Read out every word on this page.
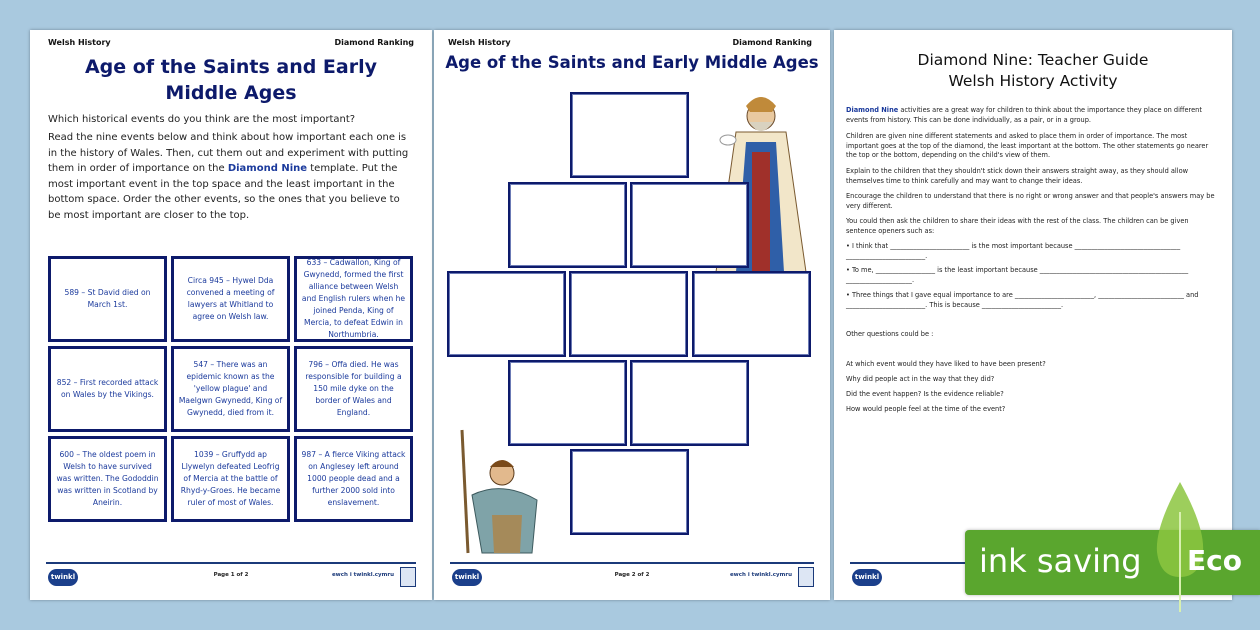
Welsh History	Diamond Ranking
Age of the Saints and Early
Middle Ages
Which historical events do you think are the most important?
Read the nine events below and think about how important each one is in the history of Wales. Then, cut them out and experiment with putting them in order of importance on the Diamond Nine template. Put the most important event in the top space and the least important in the bottom space. Order the other events, so the ones that you believe to be most important are closer to the top.
589 – St David died on March 1st.
Circa 945 – Hywel Dda convened a meeting of lawyers at Whitland to agree on Welsh law.
633 – Cadwallon, King of Gwynedd, formed the first alliance between Welsh and English rulers when he joined Penda, King of Mercia, to defeat Edwin in Northumbria.
852 – First recorded attack on Wales by the Vikings.
547 – There was an epidemic known as the 'yellow plague' and Maelgwn Gwynedd, King of Gwynedd, died from it.
796 – Offa died. He was responsible for building a 150 mile dyke on the border of Wales and England.
600 – The oldest poem in Welsh to have survived was written. The Gododdin was written in Scotland by Aneirin.
1039 – Gruffydd ap Llywelyn defeated Leofrig of Mercia at the battle of Rhyd-y-Groes. He became ruler of most of Wales.
987 – A fierce Viking attack on Anglesey left around 1000 people dead and a further 2000 sold into enslavement.
twinkl	Page 1 of 2	ewch i twinkl.cymru
Welsh History	Diamond Ranking
Age of the Saints and Early Middle Ages
twinkl	Page 2 of 2	ewch i twinkl.cymru
Diamond Nine: Teacher Guide
Welsh History Activity
Diamond Nine activities are a great way for children to think about the importance they place on different events from history. This can be done individually, as a pair, or in a group.
Children are given nine different statements and asked to place them in order of importance. The most important goes at the top of the diamond, the least important at the bottom. The other statements go nearer the top or the bottom, depending on the child's view of them.
Explain to the children that they shouldn't stick down their answers straight away, as they should allow themselves time to think carefully and may want to change their ideas.
Encourage the children to understand that there is no right or wrong answer and that people's answers may be very different.
You could then ask the children to share their ideas with the rest of the class. The children can be given sentence openers such as:
• I think that ________________________ is the most important because ________________________________ ________________________.
• To me, __________________ is the least important because _____________________________________________ ____________________.
• Three things that I gave equal importance to are ________________________, __________________________ and ________________________. This is because ________________________.
Other questions could be :
At which event would they have liked to have been present?
Why did people act in the way that they did?
Did the event happen? Is the evidence reliable?
How would people feel at the time of the event?
twinkl	ink saving Eco
